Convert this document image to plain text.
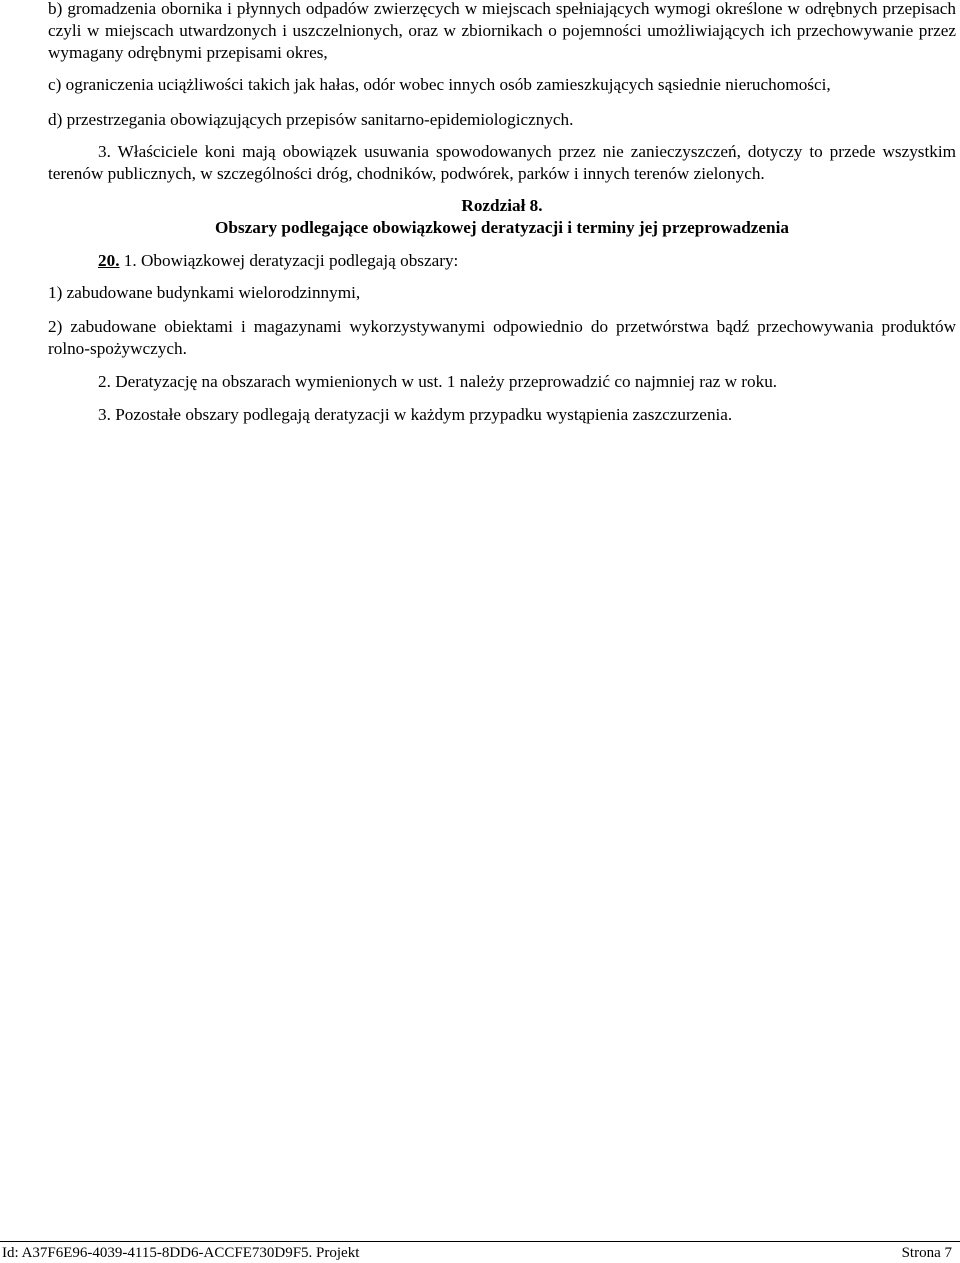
b) gromadzenia obornika i płynnych odpadów zwierzęcych w miejscach spełniających wymogi określone w odrębnych przepisach czyli w miejscach utwardzonych i uszczelnionych, oraz w zbiornikach o pojemności umożliwiających ich przechowywanie przez wymagany odrębnymi przepisami okres,

c) ograniczenia uciążliwości takich jak hałas, odór wobec innych osób zamieszkujących sąsiednie nieruchomości,

d) przestrzegania obowiązujących przepisów sanitarno-epidemiologicznych.

3. Właściciele koni mają obowiązek usuwania spowodowanych przez nie zanieczyszczeń, dotyczy to przede wszystkim terenów publicznych, w szczególności dróg, chodników, podwórek, parków i innych terenów zielonych.

Rozdział 8.

Obszary podlegające obowiązkowej deratyzacji i terminy jej przeprowadzenia

20. 1. Obowiązkowej deratyzacji podlegają obszary:

1) zabudowane budynkami wielorodzinnymi,

2) zabudowane obiektami i magazynami wykorzystywanymi odpowiednio do przetwórstwa bądź przechowywania produktów rolno-spożywczych.

2. Deratyzację na obszarach wymienionych w ust. 1 należy przeprowadzić co najmniej raz w roku.

3. Pozostałe obszary podlegają deratyzacji w każdym przypadku wystąpienia zaszczurzenia.

Id: A37F6E96-4039-4115-8DD6-ACCFE730D9F5. Projekt	Strona 7
